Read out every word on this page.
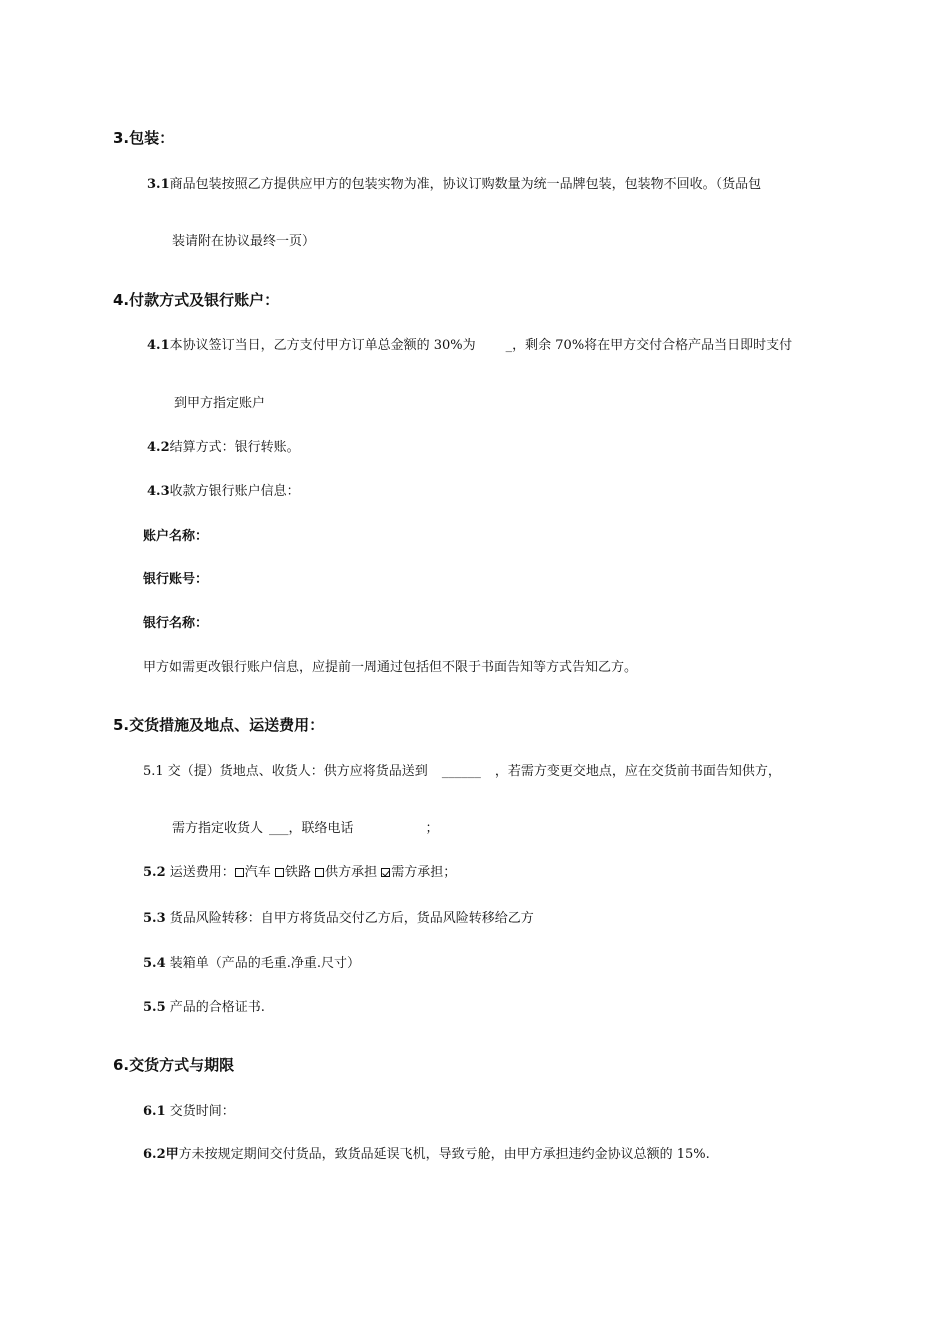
3.包装：
3.1商品包装按照乙方提供应甲方的包装实物为准，协议订购数量为统一品牌包装，包装物不回收。（货品包
装请附在协议最终一页）
4.付款方式及银行账户：
4.1本协议签订当日，乙方支付甲方订单总金额的 30%为 _，剩余 70%将在甲方交付合格产品当日即时支付
到甲方指定账户
4.2结算方式：银行转账。
4.3收款方银行账户信息：
账户名称：
银行账号：
银行名称：
甲方如需更改银行账户信息，应提前一周通过包括但不限于书面告知等方式告知乙方。
5.交货措施及地点、运送费用：
5.1 交（提）货地点、收货人：供方应将货品送到 ______ ，若需方变更交地点，应在交货前书面告知供方，
需方指定收货人 ___，联络电话	；
5.2 运送费用： 汽车 铁路 供方承担 需方承担；
5.3 货品风险转移：自甲方将货品交付乙方后，货品风险转移给乙方
5.4 装箱单（产品的毛重.净重.尺寸）
5.5 产品的合格证书.
6.交货方式与期限
6.1 交货时间：
6.2甲方未按规定期间交付货品，致货品延误飞机，导致亏舱，由甲方承担违约金协议总额的 15%.
